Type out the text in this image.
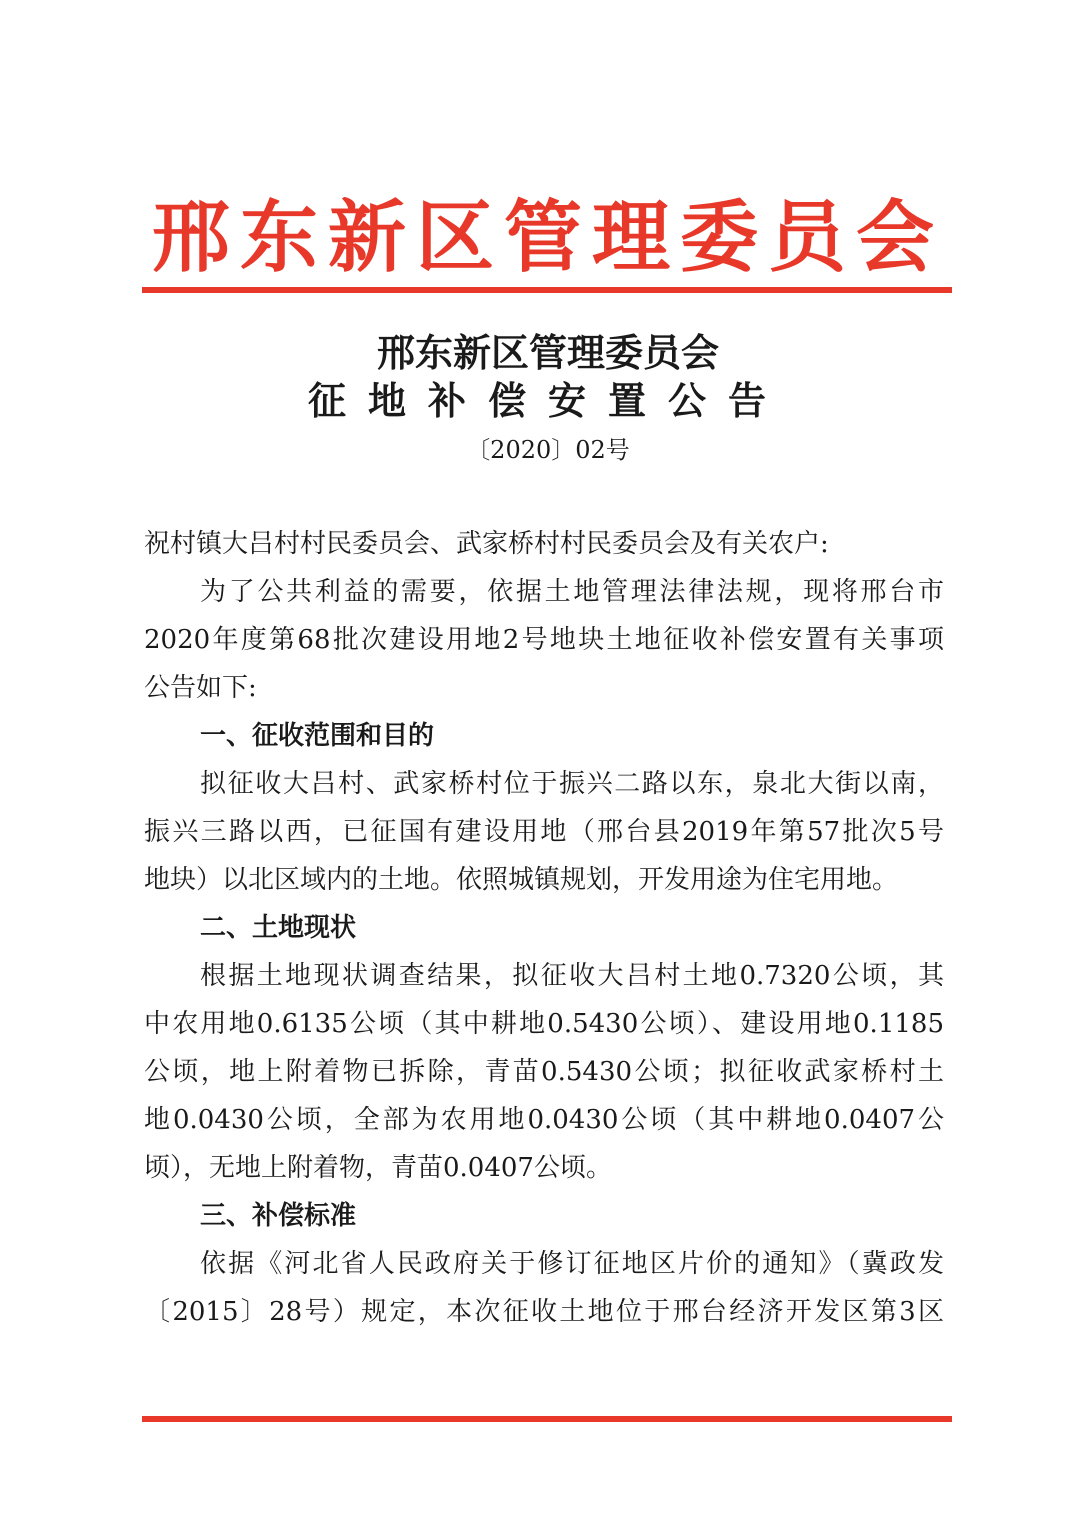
邢东新区管理委员会
邢东新区管理委员会
征地补偿安置公告
〔2020〕02号
祝村镇大吕村村民委员会、武家桥村村民委员会及有关农户:
为了公共利益的需要，依据土地管理法律法规，现将邢台市
2020年度第68批次建设用地2号地块土地征收补偿安置有关事项
公告如下:
一、征收范围和目的
拟征收大吕村、武家桥村位于振兴二路以东，泉北大街以南，
振兴三路以西，已征国有建设用地（邢台县2019年第57批次5号
地块）以北区域内的土地。依照城镇规划，开发用途为住宅用地。
二、土地现状
根据土地现状调查结果，拟征收大吕村土地0.7320公顷，其
中农用地0.6135公顷（其中耕地0.5430公顷）、建设用地0.1185
公顷，地上附着物已拆除，青苗0.5430公顷；拟征收武家桥村土
地0.0430公顷，全部为农用地0.0430公顷（其中耕地0.0407公
顷），无地上附着物，青苗0.0407公顷。
三、补偿标准
依据《河北省人民政府关于修订征地区片价的通知》（冀政发
〔2015〕28号）规定，本次征收土地位于邢台经济开发区第3区
